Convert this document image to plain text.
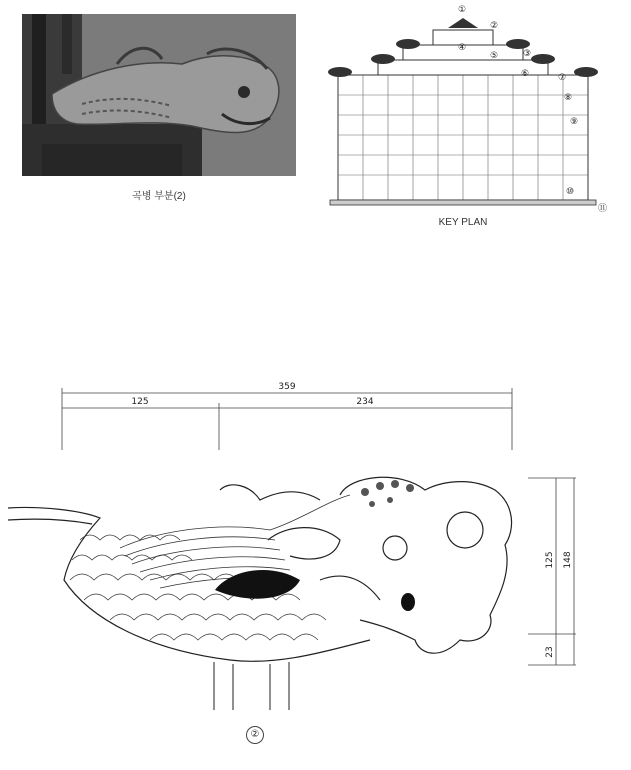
곡병 부분(2)
①
②
③
④
⑤
⑥	⑦
⑧
⑨
⑩
⑪
KEY PLAN
359
125	234
125 148
23
②
